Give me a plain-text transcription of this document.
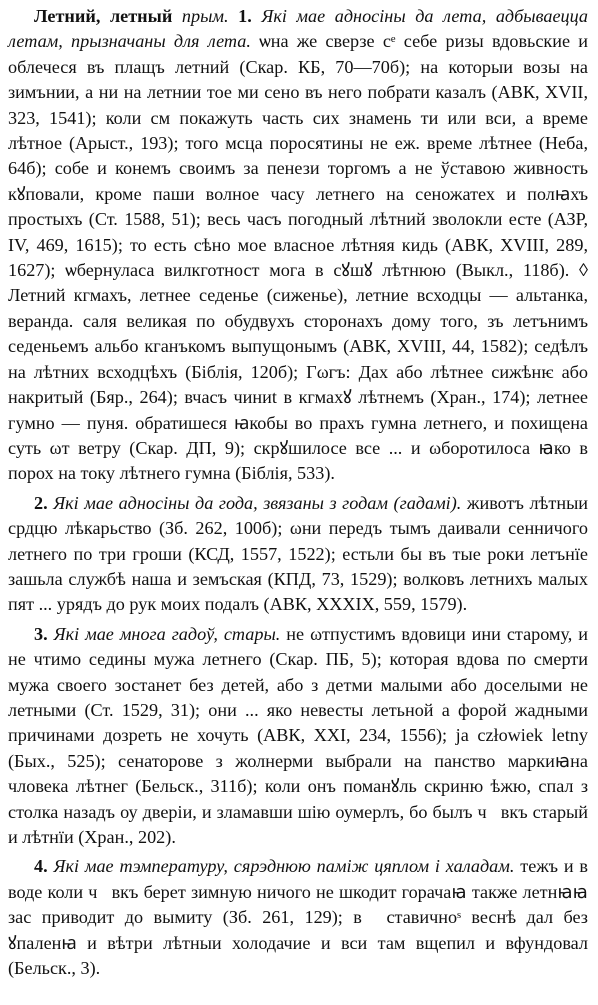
Летний, летный прым. 1. Які мае адносіны да лета, адбываецца летам, прызначаны для лета. ѡна же сверзе сᵉ себе ризы вдовьские и облечеся въ плащъ летний (Скар. КБ, 70—70б); на которыи возы на зимънии, а ни на летнии тое ми сено въ него побрати казалъ (АВК, XVII, 323, 1541); коли см покажуть часть сих знамень ти или вси, а време лѣтное (Арыст., 193); того мсца поросятины не еж. време лѣтнее (Неба, 64б); собе и конемъ своимъ за пенези торгомъ а не ўставою живность кꙋповали, кроме паши волное часу летнего на сеножатех и полꙗхъ простыхъ (Ст. 1588, 51); весь часъ погодный лѣтний зволокли есте (АЗР, IV, 469, 1615); то есть сѣно мое власное лѣтняя кидь (АВК, XVIII, 289, 1627); ѡбернуласа вилкготност мога в сꙋшꙋ лѣтнюю (Выкл., 118б). ◊ Летний кгмахъ, летнее седенье (сиженье), летние всходцы — альтанка, веранда. саля великая по обудвухъ сторонахъ дому того, зъ летънимъ седеньемъ альбо кганъкомъ выпущонымъ (АВК, XVIII, 44, 1582); седѣлъ на лѣтних всходцѣхъ (Біблія, 120б); Гωгъ: Дах або лѣтнее сижѣнѥ або накритый (Бяр., 264); вчасъ чиниt в кгмахꙋ лѣтнемъ (Хран., 174); летнее гумно — пуня. обратишеся ꙗкобы во прахъ гумна летнего, и похищена суть ωт ветру (Скар. ДП, 9); скрꙋшилосе все ... и ωборотилоса ꙗко в порох на току лѣтнего гумна (Біблія, 533).

2. Які мае адносіны да года, звязаны з годам (гадамі). животъ лѣтныи срдцю лѣкарьство (Зб. 262, 100б); ωни передъ тымъ даивали сенничого летнего по три гроши (КСД, 1557, 1522); естьли бы въ тые роки летънїе зашьла службѣ наша и земъская (КПД, 73, 1529); волковъ летнихъ малых пят ... урядъ до рук моих подалъ (АВК, XXXIX, 559, 1579).

3. Які мае многа гадоў, стары. не ωтпустимъ вдовици ини старому, и не чтимо седины мужа летнего (Скар. ПБ, 5); которая вдова по смерти мужа своего зостанет без детей, або з детми малыми або доселыми не летными (Ст. 1529, 31); они ... яко невесты летьной а форой жадными причинами дозреть не хочуть (АВК, XXI, 234, 1556); ja człowiek letny (Бых., 525); сенаторове з жолнерми выбрали на панство маркиꙗна чловека лѣтнег (Бельск., 311б); коли онъ поманꙋль скриню ѣжю, спал з столка назадъ оу двеpіи, и зламавши шію оумерлъ, бо былъ чⷧвкъ старый и лѣтнїи (Хран., 202).

4. Які мае тэмпературу, сярэднюю паміж цяплом і халадам. тежъ и в воде коли чⷧвкъ берет зимную ничого не шкодит горачаꙗ также летнꙗꙗ зас приводит до вымиту (Зб. 261, 129); в ꙋставичноˢ веснѣ дал без ꙋпаленꙗ и вѣтри лѣтныи холодачие и вси там вщепил и вфундовал (Бельск., 3).
